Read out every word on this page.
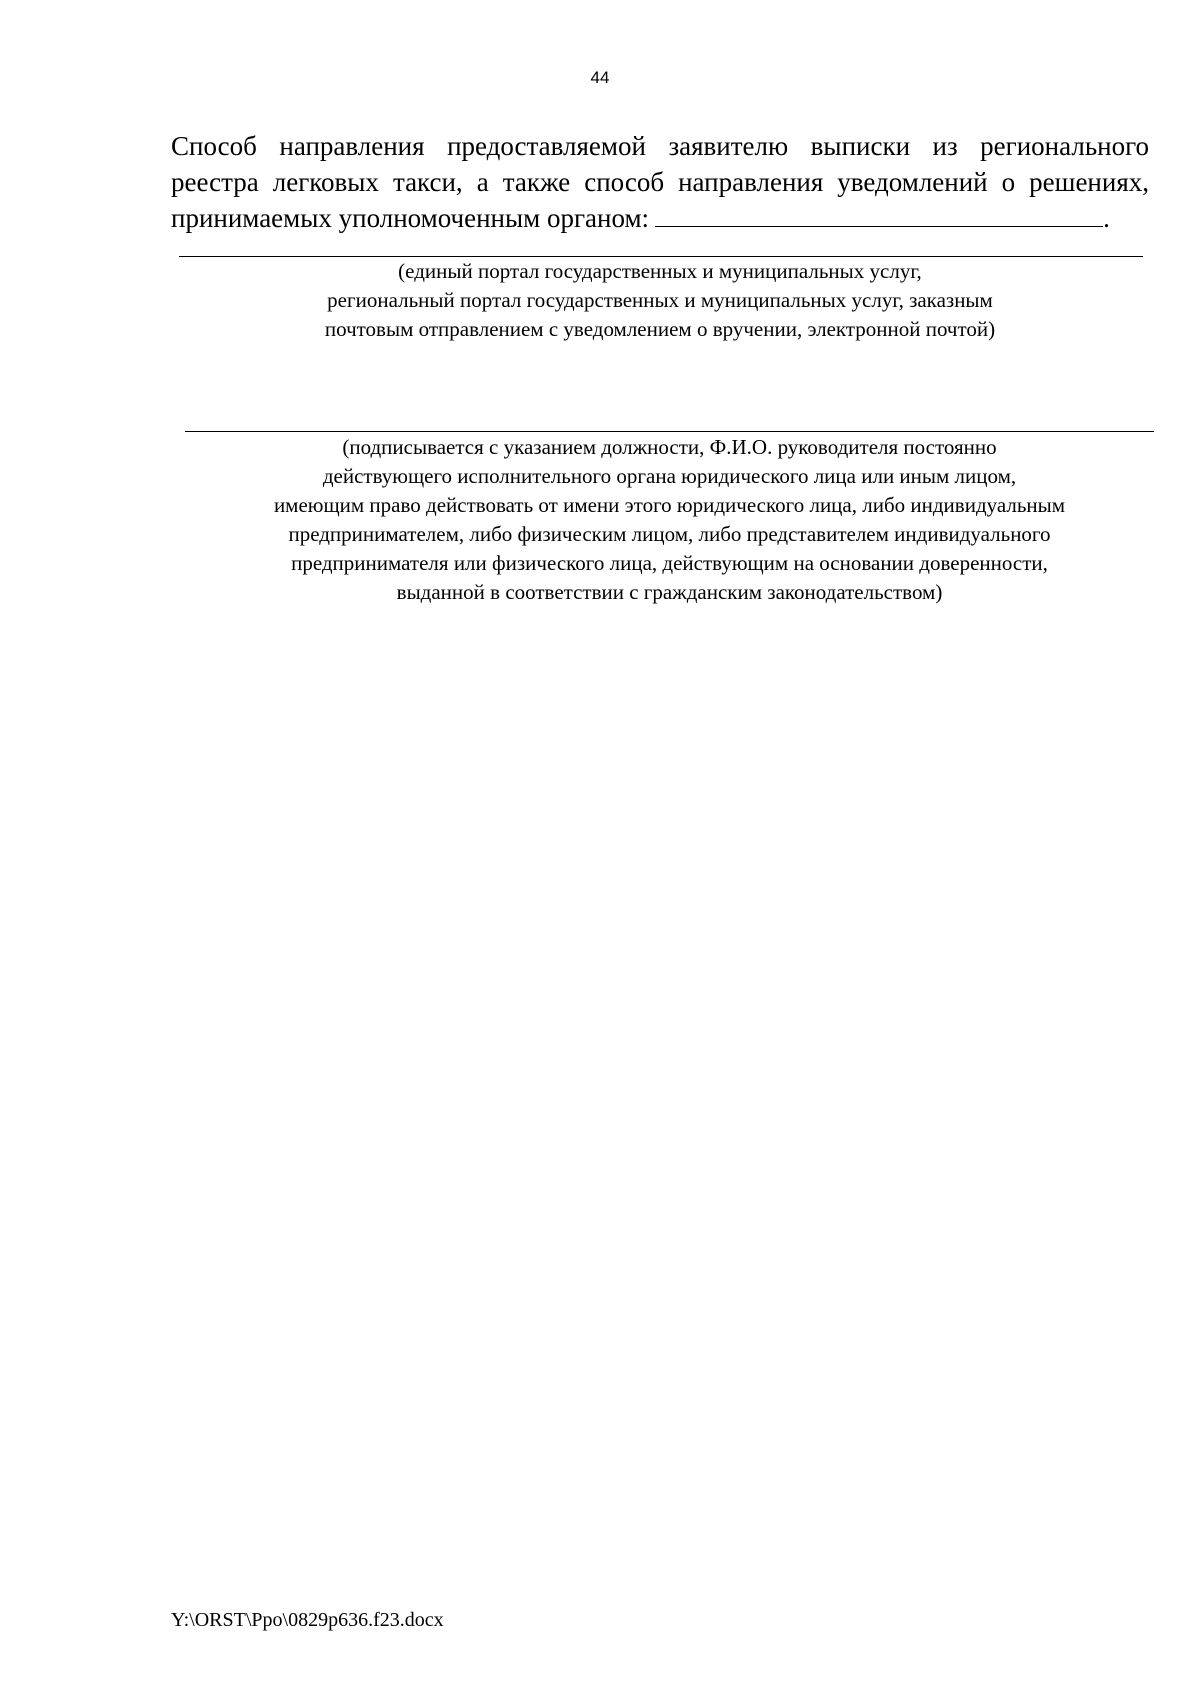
44
Способ направления предоставляемой заявителю выписки из регионального
реестра легковых такси, а также способ направления уведомлений о решениях,
принимаемых уполномоченным органом:	.
(единый портал государственных и муниципальных услуг,
региональный портал государственных и муниципальных услуг, заказным
почтовым отправлением с уведомлением о вручении, электронной почтой)
(подписывается с указанием должности, Ф.И.О. руководителя постоянно
действующего исполнительного органа юридического лица или иным лицом,
имеющим право действовать от имени этого юридического лица, либо индивидуальным
предпринимателем, либо физическим лицом, либо представителем индивидуального
предпринимателя или физического лица, действующим на основании доверенности,
выданной в соответствии с гражданским законодательством)
Y:\ORST\Ppo\0829p636.f23.docx
